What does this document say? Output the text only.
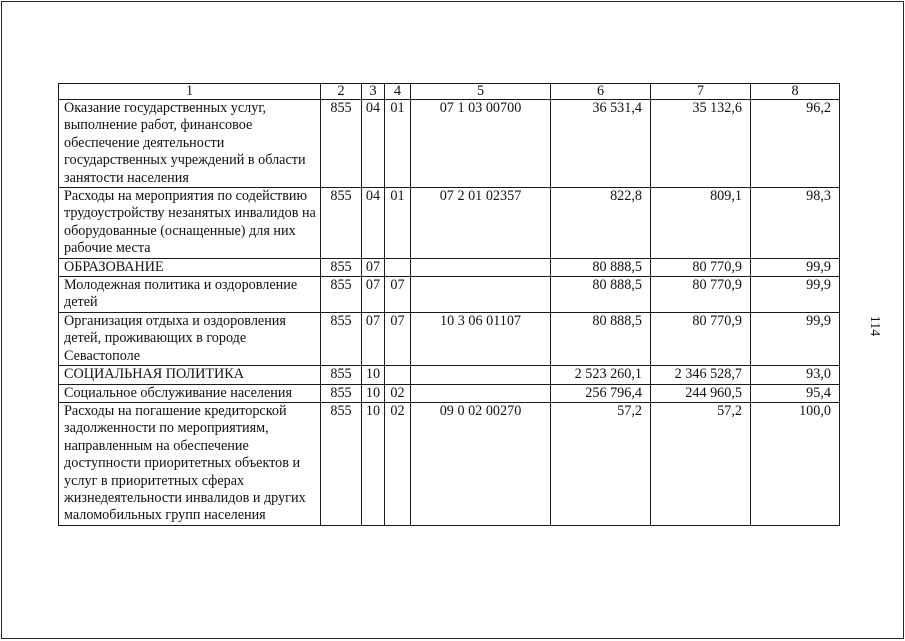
1	2	3	4	5	6	7	8
Оказание государственных услуг, выполнение работ, финансовое обеспечение деятельности государственных учреждений в области занятости населения	855	04	01	07 1 03 00700	36 531,4	35 132,6	96,2
Расходы на мероприятия по содействию трудоустройству незанятых инвалидов на оборудованные (оснащенные) для них рабочие места	855	04	01	07 2 01 02357	822,8	809,1	98,3
ОБРАЗОВАНИЕ	855	07			80 888,5	80 770,9	99,9
Молодежная политика и оздоровление детей	855	07	07		80 888,5	80 770,9	99,9
Организация отдыха и оздоровления детей, проживающих в городе Севастополе	855	07	07	10 3 06 01107	80 888,5	80 770,9	99,9
СОЦИАЛЬНАЯ ПОЛИТИКА	855	10			2 523 260,1	2 346 528,7	93,0
Социальное обслуживание населения	855	10	02		256 796,4	244 960,5	95,4
Расходы на погашение кредиторской задолженности по мероприятиям, направленным на обеспечение доступности приоритетных объектов и услуг в приоритетных сферах жизнедеятельности инвалидов и других маломобильных групп населения	855	10	02	09 0 02 00270	57,2	57,2	100,0
114
